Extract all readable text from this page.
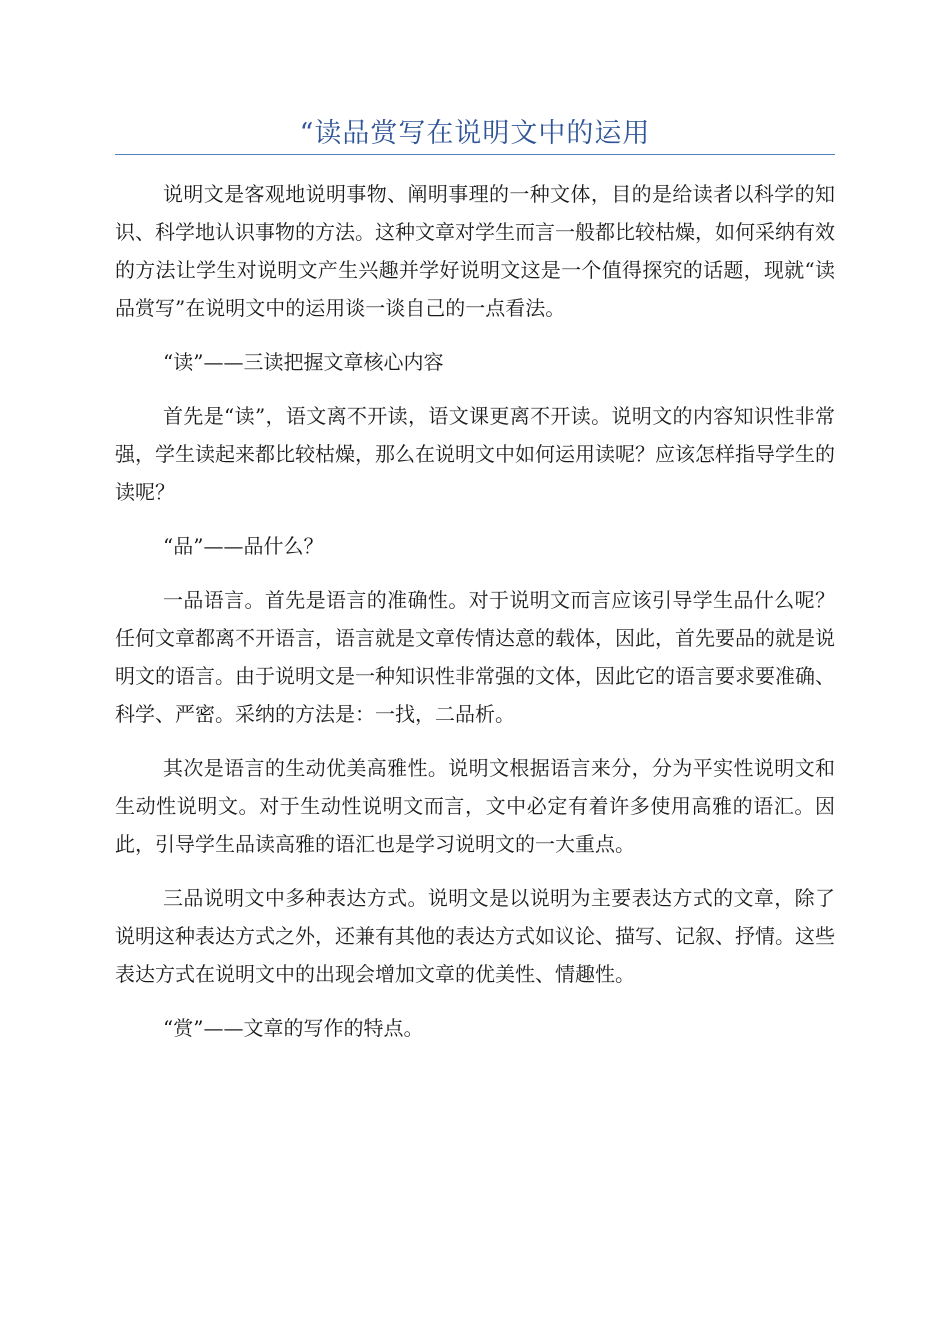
“读品赏写在说明文中的运用

说明文是客观地说明事物、阐明事理的一种文体，目的是给读者以科学的知识、科学地认识事物的方法。这种文章对学生而言一般都比较枯燥，如何采纳有效的方法让学生对说明文产生兴趣并学好说明文这是一个值得探究的话题，现就“读品赏写”在说明文中的运用谈一谈自己的一点看法。

“读”——三读把握文章核心内容

首先是“读”，语文离不开读，语文课更离不开读。说明文的内容知识性非常强，学生读起来都比较枯燥，那么在说明文中如何运用读呢？应该怎样指导学生的读呢？

“品”——品什么？

一品语言。首先是语言的准确性。对于说明文而言应该引导学生品什么呢？任何文章都离不开语言，语言就是文章传情达意的载体，因此，首先要品的就是说明文的语言。由于说明文是一种知识性非常强的文体，因此它的语言要求要准确、科学、严密。采纳的方法是：一找，二品析。

其次是语言的生动优美高雅性。说明文根据语言来分，分为平实性说明文和生动性说明文。对于生动性说明文而言，文中必定有着许多使用高雅的语汇。因此，引导学生品读高雅的语汇也是学习说明文的一大重点。

三品说明文中多种表达方式。说明文是以说明为主要表达方式的文章，除了说明这种表达方式之外，还兼有其他的表达方式如议论、描写、记叙、抒情。这些表达方式在说明文中的出现会增加文章的优美性、情趣性。

“赏”——文章的写作的特点。
